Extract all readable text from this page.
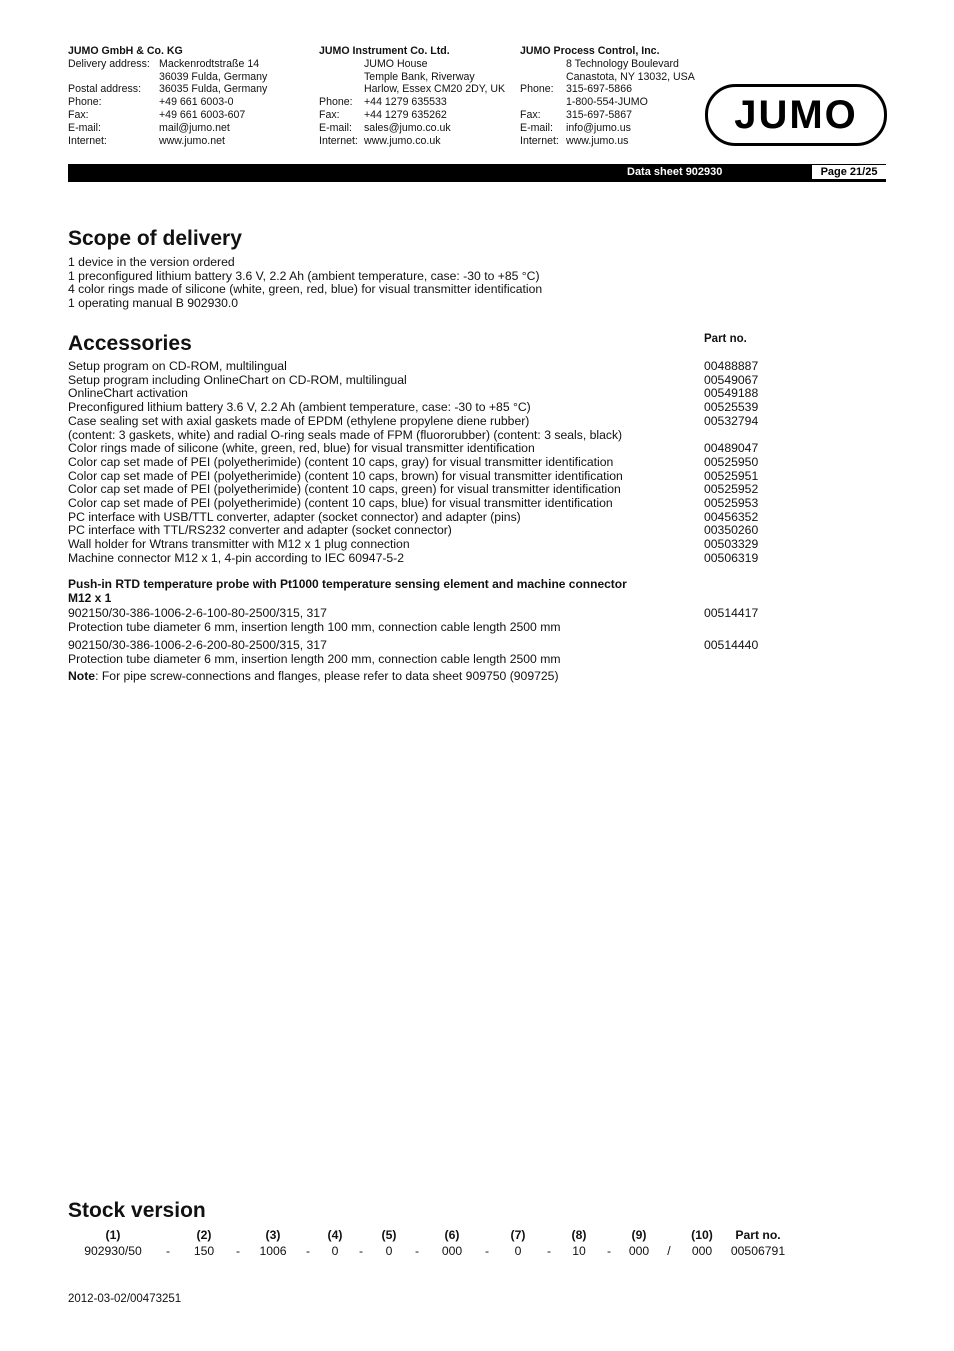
JUMO GmbH & Co. KG
Delivery address: Mackenrodtstraße 14
36039 Fulda, Germany
Postal address:	36035 Fulda, Germany
Phone:	+49 661 6003-0
Fax:	+49 661 6003-607
E-mail:	mail@jumo.net
Internet:	www.jumo.net
JUMO Instrument Co. Ltd.
JUMO House
Temple Bank, Riverway
Harlow, Essex CM20 2DY, UK
Phone:	+44 1279 635533
Fax:	+44 1279 635262
E-mail:	sales@jumo.co.uk
Internet: www.jumo.co.uk
JUMO Process Control, Inc.
8 Technology Boulevard
Canastota, NY 13032, USA
Phone:	315-697-5866
1-800-554-JUMO
Fax:	315-697-5867
E-mail:	info@jumo.us
Internet: www.jumo.us
JUMO
Data sheet 902930	Page 21/25
Scope of delivery
1 device in the version ordered
1 preconfigured lithium battery 3.6 V, 2.2 Ah (ambient temperature, case: -30 to +85 °C)
4 color rings made of silicone (white, green, red, blue) for visual transmitter identification
1 operating manual B 902930.0
Accessories	Part no.
Setup program on CD-ROM, multilingual	00488887
Setup program including OnlineChart on CD-ROM, multilingual	00549067
OnlineChart activation	00549188
Preconfigured lithium battery 3.6 V, 2.2 Ah (ambient temperature, case: -30 to +85 °C)	00525539
Case sealing set with axial gaskets made of EPDM (ethylene propylene diene rubber)	00532794
(content: 3 gaskets, white) and radial O-ring seals made of FPM (fluororubber) (content: 3 seals, black)
Color rings made of silicone (white, green, red, blue) for visual transmitter identification	00489047
Color cap set made of PEI (polyetherimide) (content 10 caps, gray) for visual transmitter identification	00525950
Color cap set made of PEI (polyetherimide) (content 10 caps, brown) for visual transmitter identification	00525951
Color cap set made of PEI (polyetherimide) (content 10 caps, green) for visual transmitter identification	00525952
Color cap set made of PEI (polyetherimide) (content 10 caps, blue) for visual transmitter identification	00525953
PC interface with USB/TTL converter, adapter (socket connector) and adapter (pins)	00456352
PC interface with TTL/RS232 converter and adapter (socket connector)	00350260
Wall holder for Wtrans transmitter with M12 x 1 plug connection	00503329
Machine connector M12 x 1, 4-pin according to IEC 60947-5-2	00506319
Push-in RTD temperature probe with Pt1000 temperature sensing element and machine connector
M12 x 1
902150/30-386-1006-2-6-100-80-2500/315, 317	00514417
Protection tube diameter 6 mm, insertion length 100 mm, connection cable length 2500 mm
902150/30-386-1006-2-6-200-80-2500/315, 317	00514440
Protection tube diameter 6 mm, insertion length 200 mm, connection cable length 2500 mm
Note: For pipe screw-connections and flanges, please refer to data sheet 909750 (909725)
Stock version
(1)		(2)		(3)		(4)		(5)		(6)		(7)		(8)		(9)		(10)	Part no.
902930/50	-	150	-	1006	-	0	-	0	-	000	-	0	-	10	-	000	/	000	00506791
2012-03-02/00473251
